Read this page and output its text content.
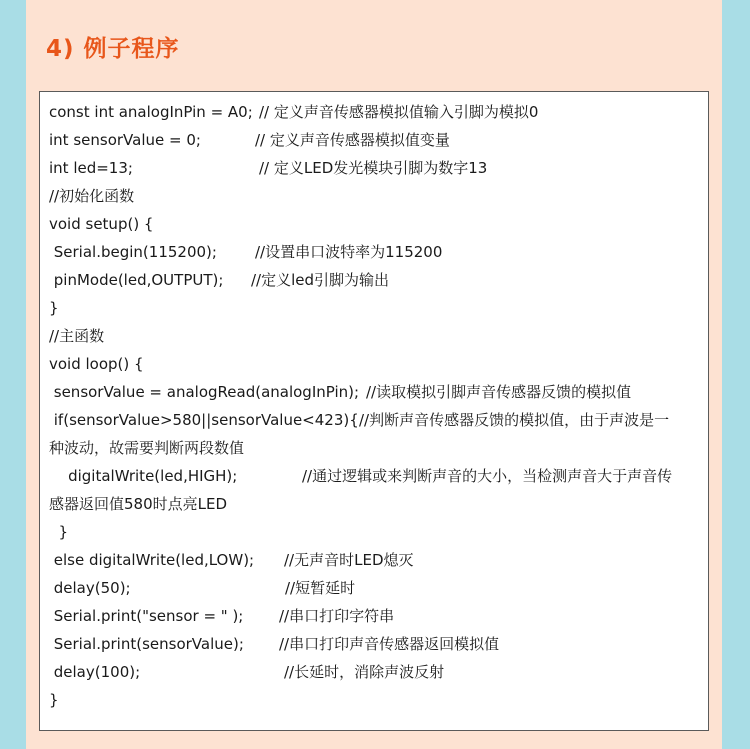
4) 例子程序
const int analogInPin = A0; // 定义声音传感器模拟值输入引脚为模拟0
int sensorValue = 0;	// 定义声音传感器模拟值变量
int led=13;	// 定义LED发光模块引脚为数字13
//初始化函数
void setup() {
Serial.begin(115200);	//设置串口波特率为115200
pinMode(led,OUTPUT); //定义led引脚为输出
}
//主函数
void loop() {
sensorValue = analogRead(analogInPin); //读取模拟引脚声音传感器反馈的模拟值
if(sensorValue>580||sensorValue<423){ //判断声音传感器反馈的模拟值，由于声波是一
种波动，故需要判断两段数值
digitalWrite(led,HIGH);	//通过逻辑或来判断声音的大小，当检测声音大于声音传
感器返回值580时点亮LED
}
else digitalWrite(led,LOW); //无声音时LED熄灭
delay(50);	//短暂延时
Serial.print("sensor = " ); //串口打印字符串
Serial.print(sensorValue); //串口打印声音传感器返回模拟值
delay(100);	//长延时，消除声波反射
}
